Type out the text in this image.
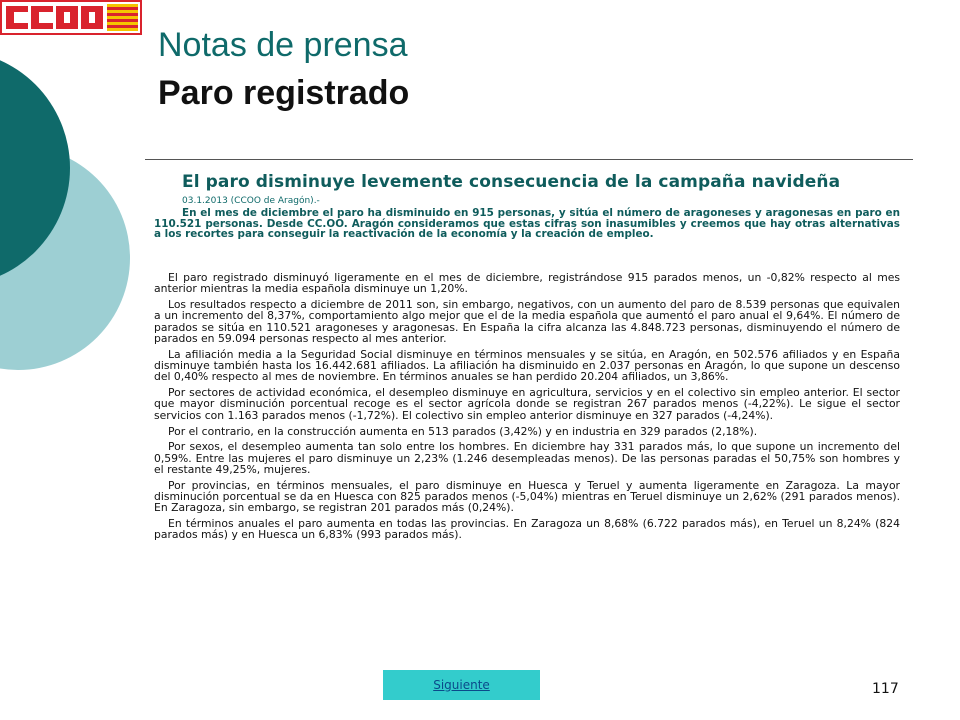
Notas de prensa
Paro registrado
El paro disminuye levemente consecuencia de la campaña navideña
03.1.2013 (CCOO de Aragón).-

En el mes de diciembre el paro ha disminuido en 915 personas, y sitúa el número de aragoneses y aragonesas en paro en 110.521 personas. Desde CC.OO. Aragón consideramos que estas cifras son inasumibles y creemos que hay otras alternativas a los recortes para conseguir la reactivación de la economía y la creación de empleo.

El paro registrado disminuyó ligeramente en el mes de diciembre, registrándose 915 parados menos, un -0,82% respecto al mes anterior mientras la media española disminuye un 1,20%.

Los resultados respecto a diciembre de 2011 son, sin embargo, negativos, con un aumento del paro de 8.539 personas que equivalen a un incremento del 8,37%, comportamiento algo mejor que el de la media española que aumentó el paro anual el 9,64%. El número de parados se sitúa en 110.521 aragoneses y aragonesas. En España la cifra alcanza las 4.848.723 personas, disminuyendo el número de parados en 59.094 personas respecto al mes anterior.

La afiliación media a la Seguridad Social disminuye en términos mensuales y se sitúa, en Aragón, en 502.576 afiliados y en España disminuye también hasta los 16.442.681 afiliados. La afiliación ha disminuido en 2.037 personas en Aragón, lo que supone un descenso del 0,40% respecto al mes de noviembre. En términos anuales se han perdido 20.204 afiliados, un 3,86%.

Por sectores de actividad económica, el desempleo disminuye en agricultura, servicios y en el colectivo sin empleo anterior. El sector que mayor disminución porcentual recoge es el sector agrícola donde se registran 267 parados menos (-4,22%). Le sigue el sector servicios con 1.163 parados menos (-1,72%). El colectivo sin empleo anterior disminuye en 327 parados (-4,24%).

Por el contrario, en la construcción aumenta en 513 parados (3,42%) y en industria en 329 parados (2,18%).

Por sexos, el desempleo aumenta tan solo entre los hombres. En diciembre hay 331 parados más, lo que supone un incremento del 0,59%. Entre las mujeres el paro disminuye un 2,23% (1.246 desempleadas menos). De las personas paradas el 50,75% son hombres y el restante 49,25%, mujeres.

Por provincias, en términos mensuales, el paro disminuye en Huesca y Teruel y aumenta ligeramente en Zaragoza. La mayor disminución porcentual se da en Huesca con 825 parados menos (-5,04%) mientras en Teruel disminuye un 2,62% (291 parados menos). En Zaragoza, sin embargo, se registran 201 parados más (0,24%).

En términos anuales el paro aumenta en todas las provincias. En Zaragoza un 8,68% (6.722 parados más), en Teruel un 8,24% (824 parados más) y en Huesca un 6,83% (993 parados más).

Siguiente	117
